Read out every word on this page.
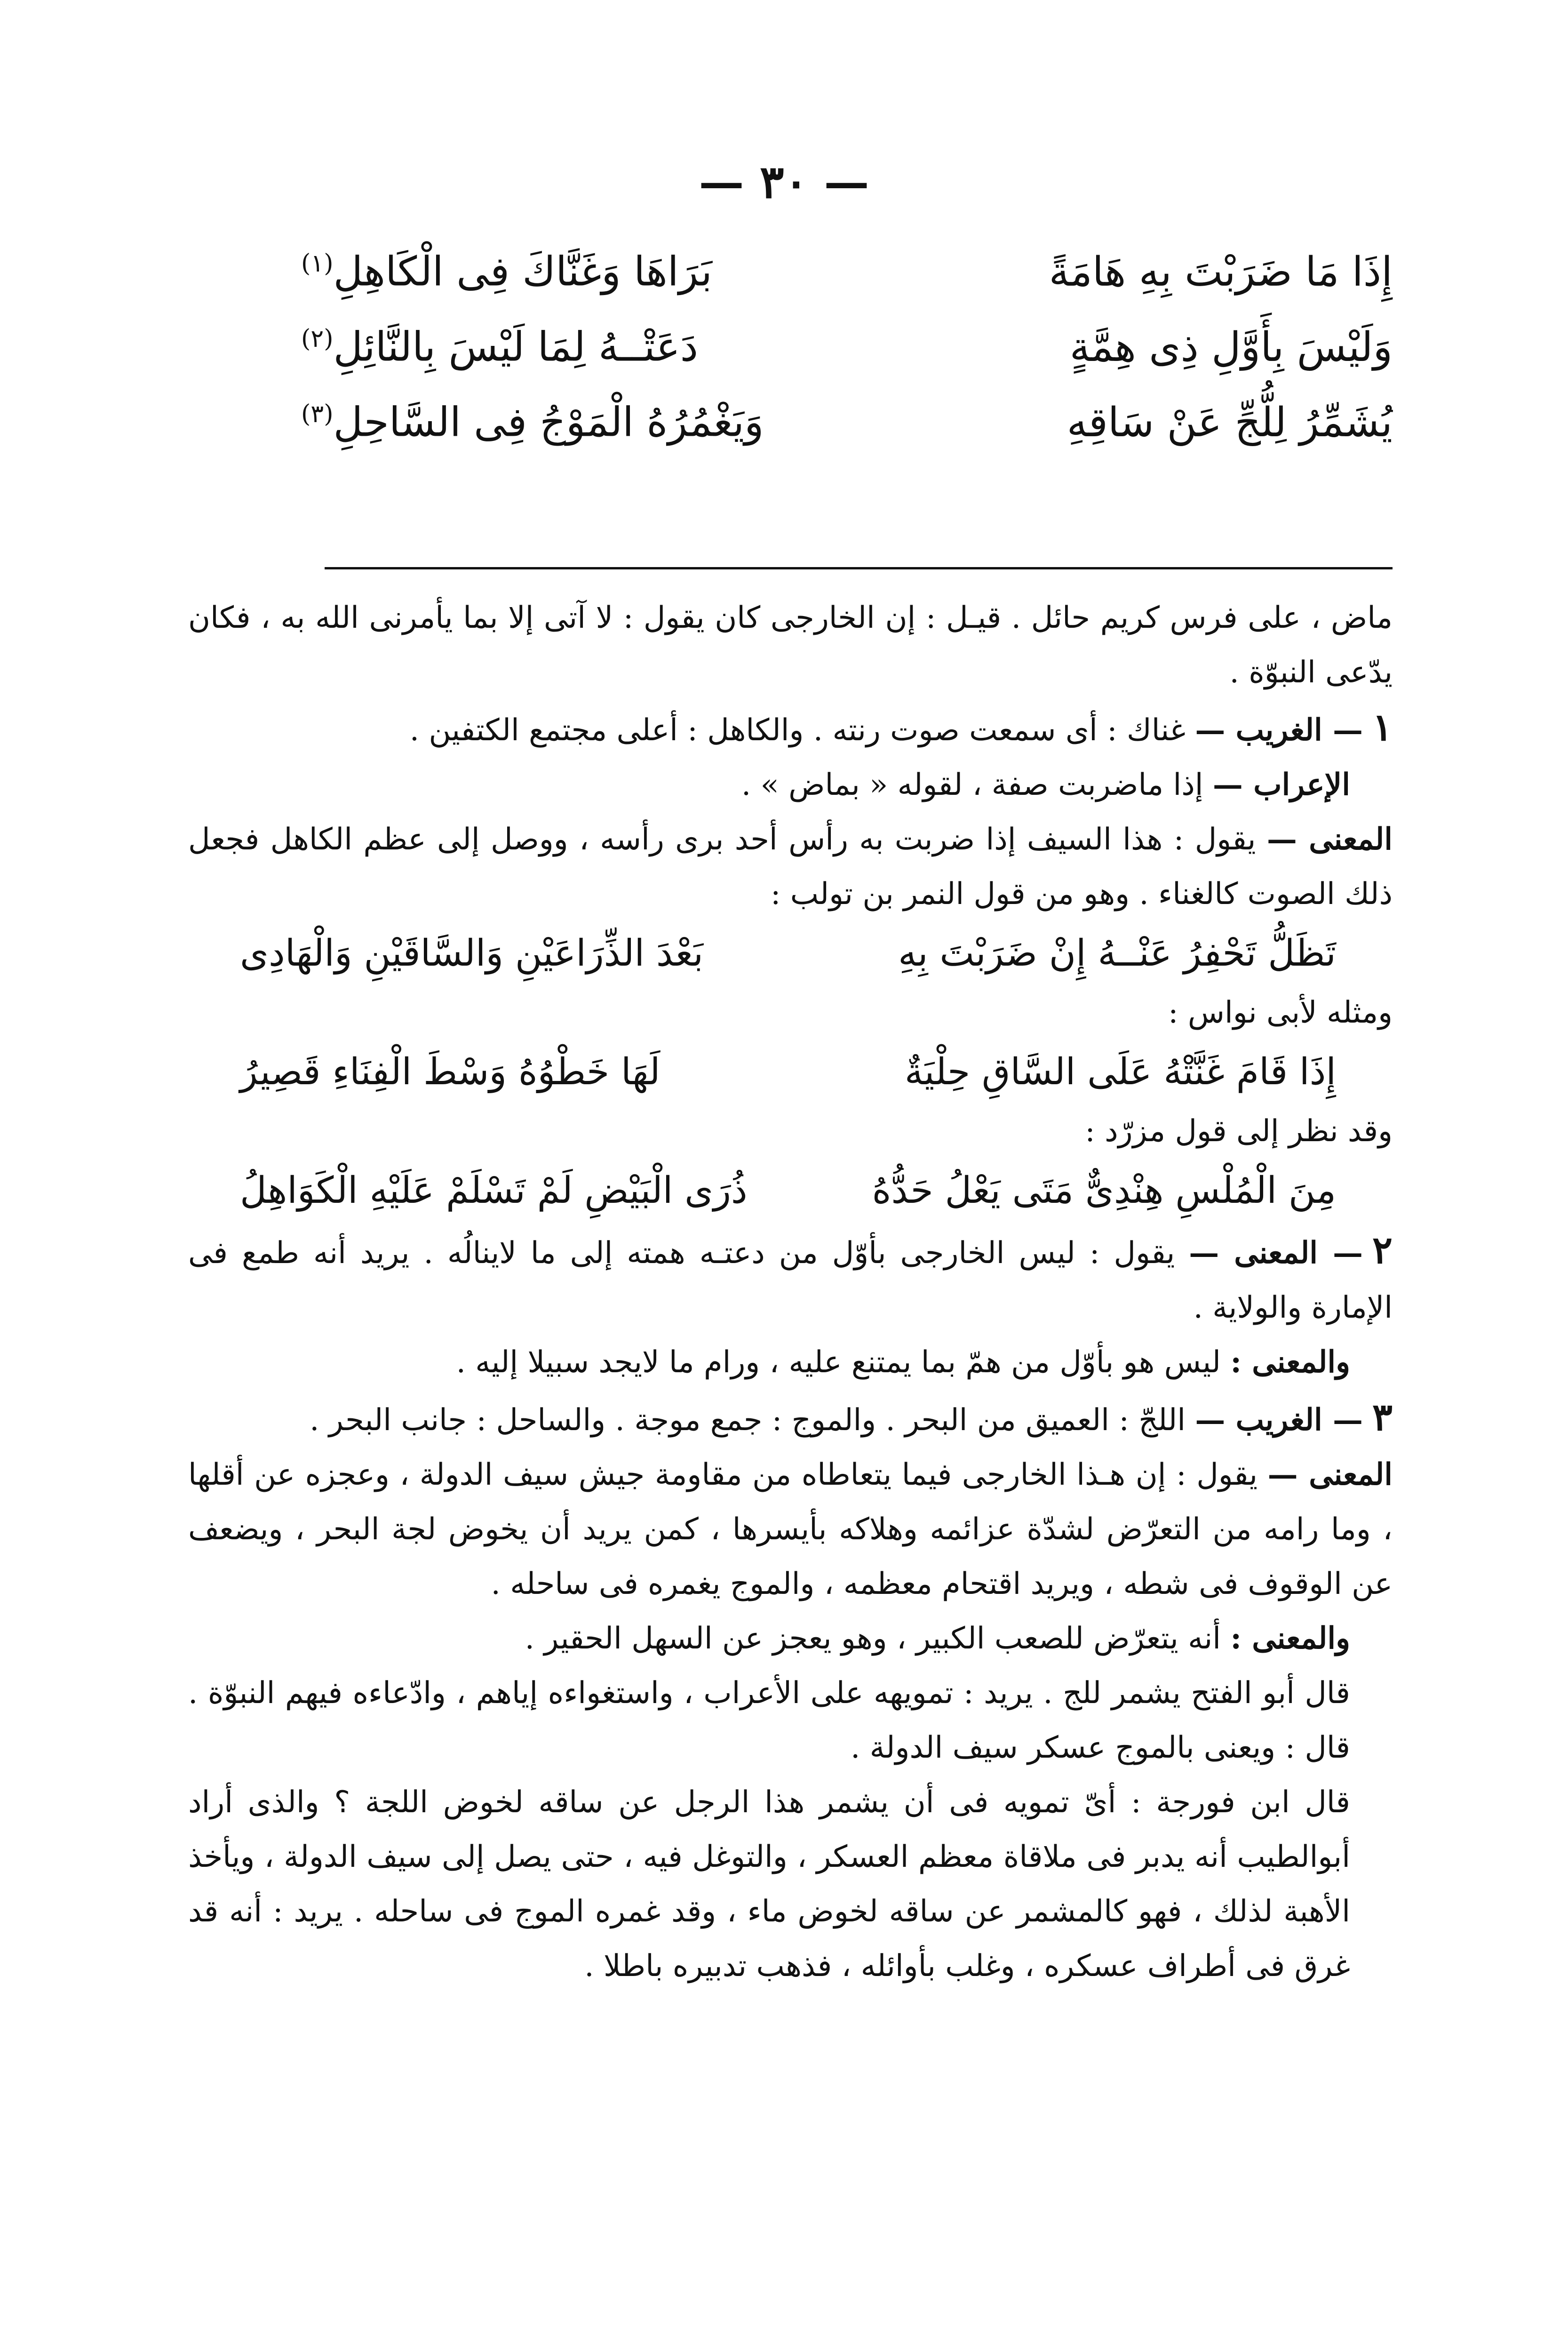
— ٣٠ —
إِذَا مَا ضَرَبْتَ بِهِ هَامَةً
بَرَاهَا وَغَنَّاكَ فِى الْكَاهِلِ$^{(١)}$
وَلَيْسَ بِأَوَّلِ ذِى هِمَّةٍ
دَعَتْــهُ لِمَا لَيْسَ بِالنَّائِلِ$^{(٢)}$
يُشَمِّرُ لِلُّجِّ عَنْ سَاقِهِ
وَيَغْمُرُهُ الْمَوْجُ فِى السَّاحِلِ$^{(٣)}$

ماض ، على فرس كريم حائل . قيـل : إن الخارجى كان يقول : لا آتى إلا بما يأمرنى الله به ، فكان يدّعى النبوّة .

١— الغريب — غناك : أى سمعت صوت رنته . والكاهل : أعلى مجتمع الكتفين .

الإعراب — إذا ماضربت صفة ، لقوله « بماض » .

المعنى — يقول : هذا السيف إذا ضربت به رأس أحد برى رأسه ، ووصل إلى عظم الكاهل فجعل ذلك الصوت كالغناء . وهو من قول النمر بن تولب :

تَظَلُّ تَحْفِرُ عَنْــهُ إِنْ ضَرَبْتَ بِهِ
بَعْدَ الذِّرَاعَيْنِ وَالسَّاقَيْنِ وَالْهَادِى

ومثله لأبى نواس :

إِذَا قَامَ غَنَّتْهُ عَلَى السَّاقِ حِلْيَةٌ
لَهَا خَطْوُهُ وَسْطَ الْفِنَاءِ قَصِيرُ

وقد نظر إلى قول مزرّد :

مِنَ الْمُلْسِ هِنْدِىٌّ مَتَى يَعْلُ حَدُّهُ
ذُرَى الْبَيْضِ لَمْ تَسْلَمْ عَلَيْهِ الْكَوَاهِلُ

٢— المعنى — يقول : ليس الخارجى بأوّل من دعتـه همته إلى ما لاينالُه . يريد أنه طمع فى الإمارة والولاية .

والمعنى : ليس هو بأوّل من همّ بما يمتنع عليه ، ورام ما لايجد سبيلا إليه .

٣— الغريب — اللجّ : العميق من البحر . والموج : جمع موجة . والساحل : جانب البحر .

المعنى — يقول : إن هـذا الخارجى فيما يتعاطاه من مقاومة جيش سيف الدولة ، وعجزه عن أقلها ، وما رامه من التعرّض لشدّة عزائمه وهلاكه بأيسرها ، كمن يريد أن يخوض لجة البحر ، ويضعف عن الوقوف فى شطه ، ويريد اقتحام معظمه ، والموج يغمره فى ساحله .

والمعنى : أنه يتعرّض للصعب الكبير ، وهو يعجز عن السهل الحقير .

قال أبو الفتح يشمر للج . يريد : تمويهه على الأعراب ، واستغواءه إياهم ، وادّعاءه فيهم النبوّة . قال : ويعنى بالموج عسكر سيف الدولة .

قال ابن فورجة : أىّ تمويه فى أن يشمر هذا الرجل عن ساقه لخوض اللجة ؟ والذى أراد أبوالطيب أنه يدبر فى ملاقاة معظم العسكر ، والتوغل فيه ، حتى يصل إلى سيف الدولة ، ويأخذ الأهبة لذلك ، فهو كالمشمر عن ساقه لخوض ماء ، وقد غمره الموج فى ساحله . يريد : أنه قد غرق فى أطراف عسكره ، وغلب بأوائله ، فذهب تدبيره باطلا .
